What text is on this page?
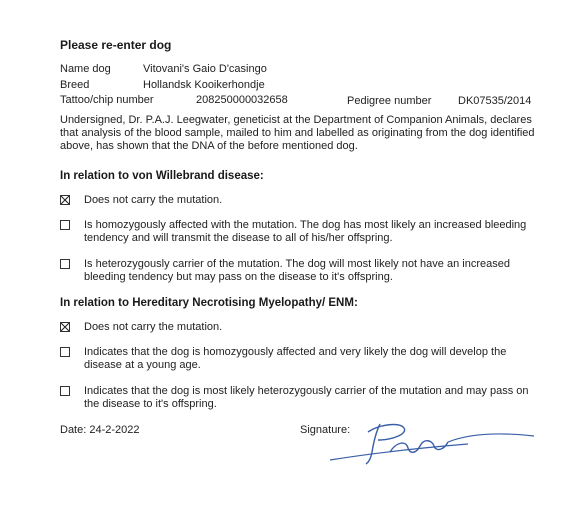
Please re-enter dog
Name dog	Vitovani's Gaio D'casingo
Breed	Hollandsk Kooikerhondje
Tattoo/chip number	208250000032658	Pedigree number DK07535/2014
Undersigned, Dr. P.A.J. Leegwater, geneticist at the Department of Companion Animals, declares that analysis of the blood sample, mailed to him and labelled as originating from the dog identified above, has shown that the DNA of the before mentioned dog.
In relation to von Willebrand disease:
Does not carry the mutation.
Is homozygously affected with the mutation. The dog has most likely an increased bleeding tendency and will transmit the disease to all of his/her offspring.
Is heterozygously carrier of the mutation. The dog will most likely not have an increased bleeding tendency but may pass on the disease to it's offspring.
In relation to Hereditary Necrotising Myelopathy/ ENM:
Does not carry the mutation.
Indicates that the dog is homozygously affected and very likely the dog will develop the disease at a young age.
Indicates that the dog is most likely heterozygously carrier of the mutation and may pass on the disease to it's offspring.
Date: 24-2-2022	Signature:
